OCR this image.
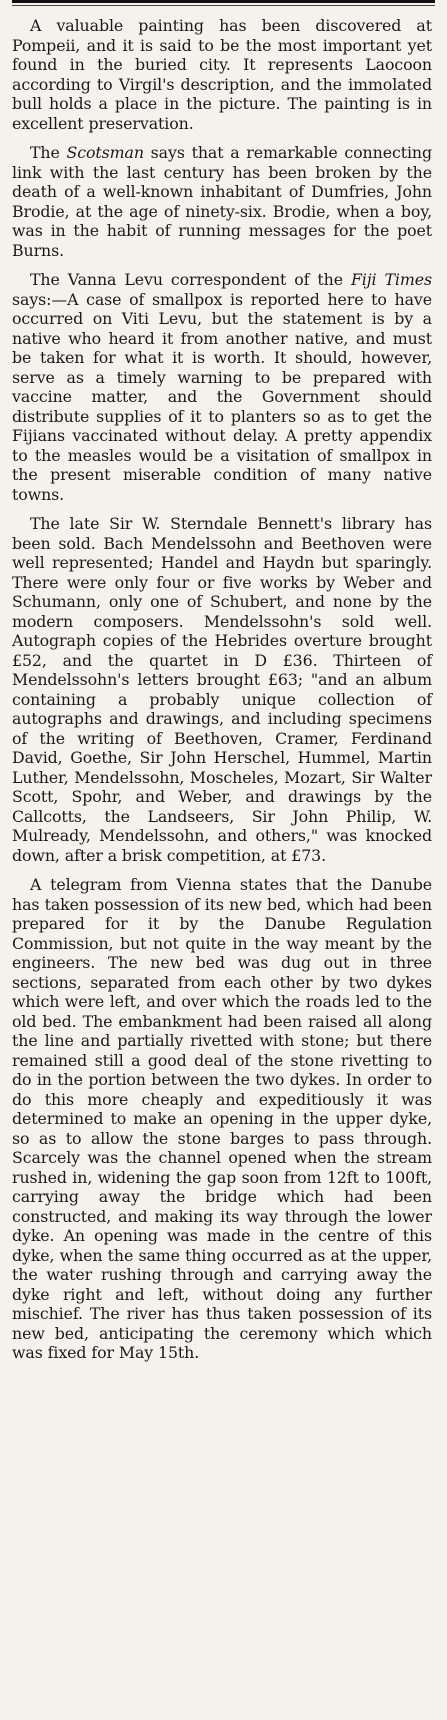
A valuable painting has been discovered at Pompeii, and it is said to be the most important yet found in the buried city. It represents Laocoon according to Virgil's description, and the immolated bull holds a place in the picture. The painting is in excellent preservation.

The Scotsman says that a remarkable connecting link with the last century has been broken by the death of a well-known inhabitant of Dumfries, John Brodie, at the age of ninety-six. Brodie, when a boy, was in the habit of running messages for the poet Burns.

The Vanna Levu correspondent of the Fiji Times says:—A case of smallpox is reported here to have occurred on Viti Levu, but the statement is by a native who heard it from another native, and must be taken for what it is worth. It should, however, serve as a timely warning to be prepared with vaccine matter, and the Government should distribute supplies of it to planters so as to get the Fijians vaccinated without delay. A pretty appendix to the measles would be a visitation of smallpox in the present miserable condition of many native towns.

The late Sir W. Sterndale Bennett's library has been sold. Bach Mendelssohn and Beethoven were well represented; Handel and Haydn but sparingly. There were only four or five works by Weber and Schumann, only one of Schubert, and none by the modern composers. Mendelssohn's sold well. Autograph copies of the Hebrides overture brought £52, and the quartet in D £36. Thirteen of Mendelssohn's letters brought £63; "and an album containing a probably unique collection of autographs and drawings, and including specimens of the writing of Beethoven, Cramer, Ferdinand David, Goethe, Sir John Herschel, Hummel, Martin Luther, Mendelssohn, Moscheles, Mozart, Sir Walter Scott, Spohr, and Weber, and drawings by the Callcotts, the Landseers, Sir John Philip, W. Mulready, Mendelssohn, and others," was knocked down, after a brisk competition, at £73.

A telegram from Vienna states that the Danube has taken possession of its new bed, which had been prepared for it by the Danube Regulation Commission, but not quite in the way meant by the engineers. The new bed was dug out in three sections, separated from each other by two dykes which were left, and over which the roads led to the old bed. The embankment had been raised all along the line and partially rivetted with stone; but there remained still a good deal of the stone rivetting to do in the portion between the two dykes. In order to do this more cheaply and expeditiously it was determined to make an opening in the upper dyke, so as to allow the stone barges to pass through. Scarcely was the channel opened when the stream rushed in, widening the gap soon from 12ft to 100ft, carrying away the bridge which had been constructed, and making its way through the lower dyke. An opening was made in the centre of this dyke, when the same thing occurred as at the upper, the water rushing through and carrying away the dyke right and left, without doing any further mischief. The river has thus taken possession of its new bed, anticipating the ceremony which which was fixed for May 15th.
